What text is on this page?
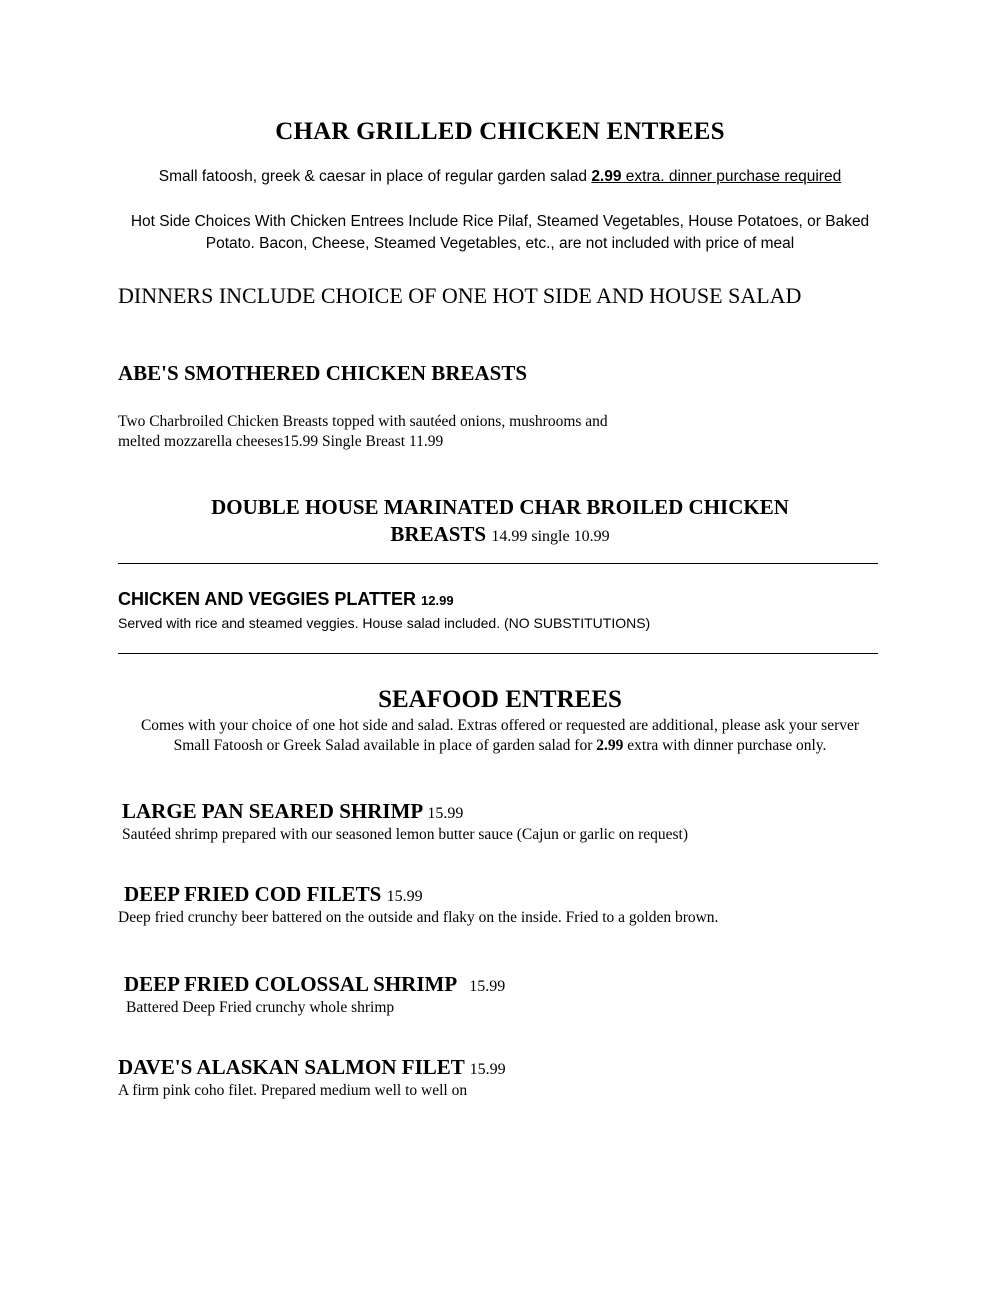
CHAR GRILLED CHICKEN ENTREES

Small fatoosh, greek & caesar in place of regular garden salad 2.99 extra. dinner purchase required

Hot Side Choices With Chicken Entrees Include Rice Pilaf, Steamed Vegetables, House Potatoes, or Baked
Potato. Bacon, Cheese, Steamed Vegetables, etc., are not included with price of meal

DINNERS INCLUDE CHOICE OF ONE HOT SIDE AND HOUSE SALAD

ABE'S SMOTHERED CHICKEN BREASTS
Two Charbroiled Chicken Breasts topped with sautéed onions, mushrooms and
melted mozzarella cheeses15.99 Single Breast 11.99
DOUBLE HOUSE MARINATED CHAR BROILED CHICKEN
BREASTS 14.99 single 10.99
CHICKEN AND VEGGIES PLATTER 12.99
Served with rice and steamed veggies. House salad included. (NO SUBSTITUTIONS)
SEAFOOD ENTREES
Comes with your choice of one hot side and salad. Extras offered or requested are additional, please ask your server
Small Fatoosh or Greek Salad available in place of garden salad for 2.99 extra with dinner purchase only.
LARGE PAN SEARED SHRIMP 15.99
Sautéed shrimp prepared with our seasoned lemon butter sauce (Cajun or garlic on request)
DEEP FRIED COD FILETS 15.99
Deep fried crunchy beer battered on the outside and flaky on the inside. Fried to a golden brown.
DEEP FRIED COLOSSAL SHRIMP 15.99
Battered Deep Fried crunchy whole shrimp
DAVE'S ALASKAN SALMON FILET 15.99
A firm pink coho filet. Prepared medium well to well on
